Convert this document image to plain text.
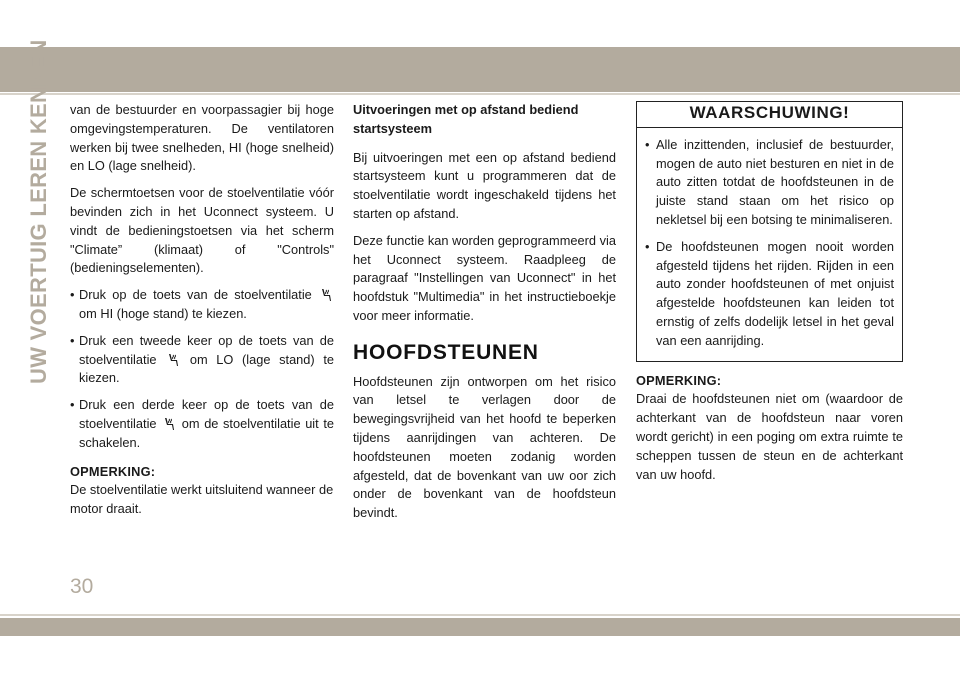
UW VOERTUIG LEREN KENNEN
30

van de bestuurder en voorpassagier bij hoge omgevingstemperaturen. De ventilatoren werken bij twee snelheden, HI (hoge snelheid) en LO (lage snelheid).

De schermtoetsen voor de stoelventilatie vóór bevinden zich in het Uconnect systeem. U vindt de bedieningstoetsen via het scherm "Climate” (klimaat) of "Controls" (bedieningselementen).

• Druk op de toets van de stoelventilatie  om HI (hoge stand) te kiezen.
• Druk een tweede keer op de toets van de stoelventilatie	om LO (lage stand) te kiezen.
• Druk een derde keer op de toets van de stoelventilatie  om de stoelventilatie uit te schakelen.
OPMERKING:

De stoelventilatie werkt uitsluitend wanneer de motor draait.

Uitvoeringen met op afstand bediend startsysteem

Bij uitvoeringen met een op afstand bediend startsysteem kunt u programmeren dat de stoelventilatie wordt ingeschakeld tijdens het starten op afstand.

Deze functie kan worden geprogrammeerd via het Uconnect systeem. Raadpleeg de paragraaf "Instellingen van Uconnect" in het hoofdstuk "Multimedia" in het instructieboekje voor meer informatie.

HOOFDSTEUNEN

Hoofdsteunen zijn ontworpen om het risico van letsel te verlagen door de bewegingsvrijheid van het hoofd te beperken tijdens aanrijdingen van achteren. De hoofdsteunen moeten zodanig worden afgesteld, dat de bovenkant van uw oor zich onder de bovenkant van de hoofdsteun bevindt.

WAARSCHUWING!
• Alle inzittenden, inclusief de bestuurder, mogen de auto niet besturen en niet in de auto zitten totdat de hoofdsteunen in de juiste stand staan om het risico op nekletsel bij een botsing te minimaliseren.
• De hoofdsteunen mogen nooit worden afgesteld tijdens het rijden. Rijden in een auto zonder hoofdsteunen of met onjuist afgestelde hoofdsteunen kan leiden tot ernstig of zelfs dodelijk letsel in het geval van een aanrijding.
OPMERKING:

Draai de hoofdsteunen niet om (waardoor de achterkant van de hoofdsteun naar voren wordt gericht) in een poging om extra ruimte te scheppen tussen de steun en de achterkant van uw hoofd.
